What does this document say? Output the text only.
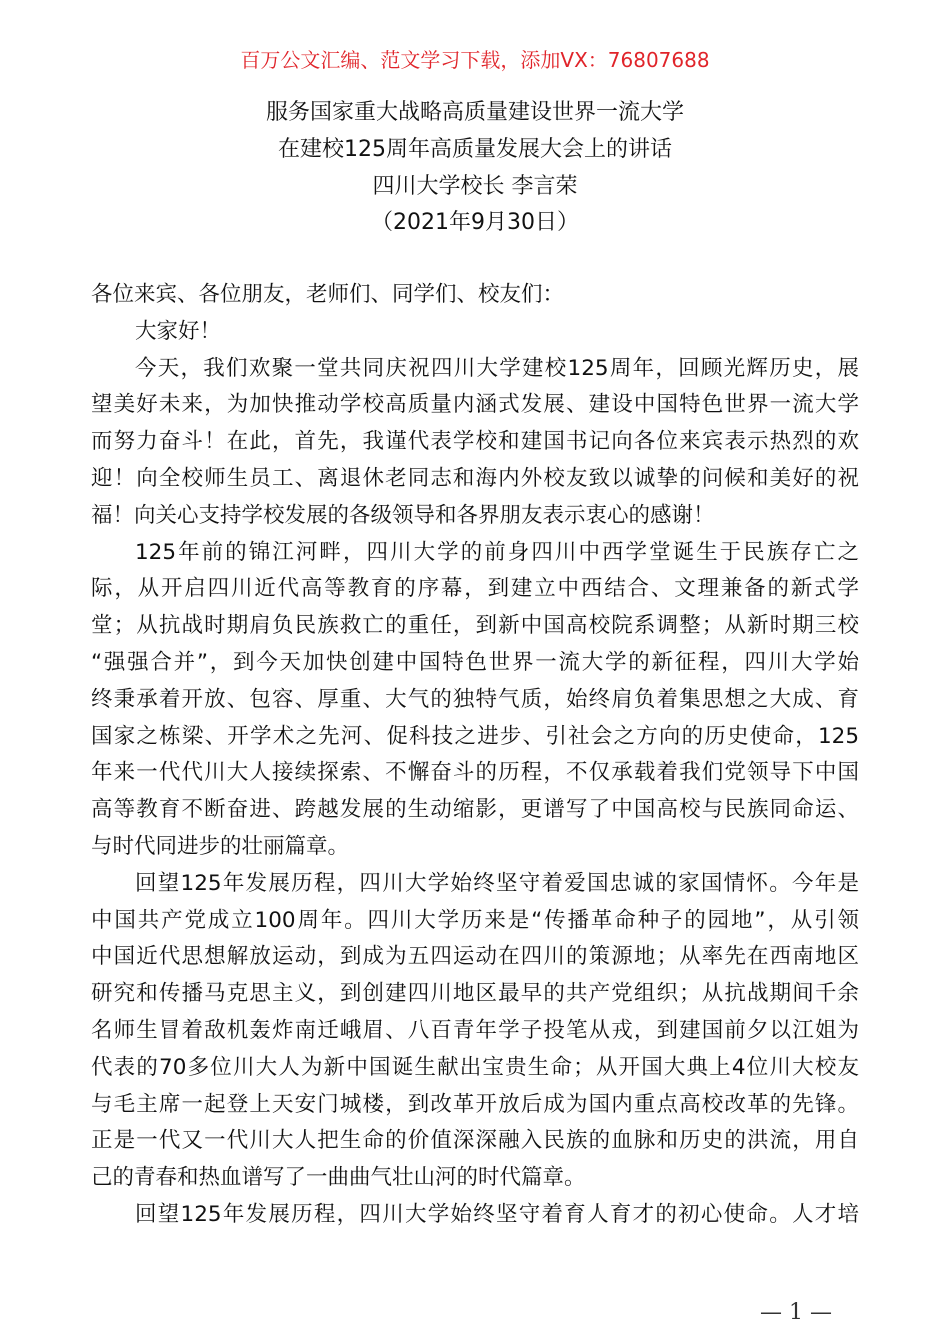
百万公文汇编、范文学习下载，添加VX：76807688
服务国家重大战略高质量建设世界一流大学
在建校125周年高质量发展大会上的讲话
四川大学校长 李言荣
（2021年9月30日）
各位来宾、各位朋友，老师们、同学们、校友们：
大家好！
今天，我们欢聚一堂共同庆祝四川大学建校125周年，回顾光辉历史，展
望美好未来，为加快推动学校高质量内涵式发展、建设中国特色世界一流大学
而努力奋斗！在此，首先，我谨代表学校和建国书记向各位来宾表示热烈的欢
迎！向全校师生员工、离退休老同志和海内外校友致以诚挚的问候和美好的祝
福！向关心支持学校发展的各级领导和各界朋友表示衷心的感谢！
125年前的锦江河畔，四川大学的前身四川中西学堂诞生于民族存亡之
际，从开启四川近代高等教育的序幕，到建立中西结合、文理兼备的新式学
堂；从抗战时期肩负民族救亡的重任，到新中国高校院系调整；从新时期三校
“强强合并”，到今天加快创建中国特色世界一流大学的新征程，四川大学始
终秉承着开放、包容、厚重、大气的独特气质，始终肩负着集思想之大成、育
国家之栋梁、开学术之先河、促科技之进步、引社会之方向的历史使命，125
年来一代代川大人接续探索、不懈奋斗的历程，不仅承载着我们党领导下中国
高等教育不断奋进、跨越发展的生动缩影，更谱写了中国高校与民族同命运、
与时代同进步的壮丽篇章。
回望125年发展历程，四川大学始终坚守着爱国忠诚的家国情怀。今年是
中国共产党成立100周年。四川大学历来是“传播革命种子的园地”，从引领
中国近代思想解放运动，到成为五四运动在四川的策源地；从率先在西南地区
研究和传播马克思主义，到创建四川地区最早的共产党组织；从抗战期间千余
名师生冒着敌机轰炸南迁峨眉、八百青年学子投笔从戎，到建国前夕以江姐为
代表的70多位川大人为新中国诞生献出宝贵生命；从开国大典上4位川大校友
与毛主席一起登上天安门城楼，到改革开放后成为国内重点高校改革的先锋。
正是一代又一代川大人把生命的价值深深融入民族的血脉和历史的洪流，用自
己的青春和热血谱写了一曲曲气壮山河的时代篇章。
回望125年发展历程，四川大学始终坚守着育人育才的初心使命。人才培
— 1 —
